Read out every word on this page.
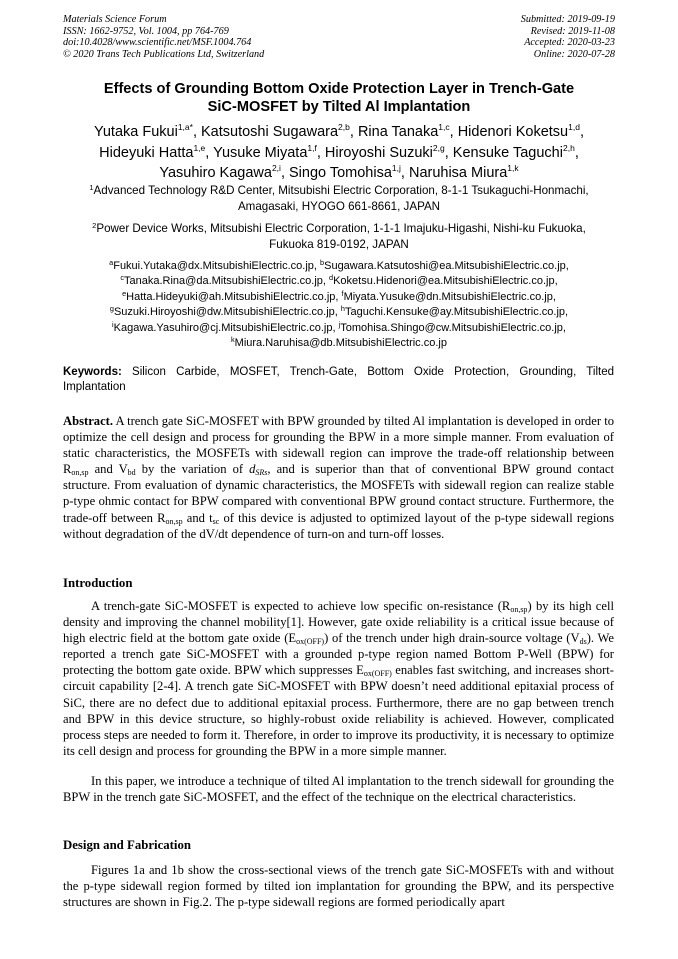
Materials Science Forum
ISSN: 1662-9752, Vol. 1004, pp 764-769
doi:10.4028/www.scientific.net/MSF.1004.764
© 2020 Trans Tech Publications Ltd, Switzerland
Submitted: 2019-09-19
Revised: 2019-11-08
Accepted: 2020-03-23
Online: 2020-07-28
Effects of Grounding Bottom Oxide Protection Layer in Trench-Gate
SiC-MOSFET by Tilted Al Implantation
Yutaka Fukui$^{1,a*}$, Katsutoshi Sugawara$^{2,b}$, Rina Tanaka$^{1,c}$, Hidenori Koketsu$^{1,d}$,
Hideyuki Hatta$^{1,e}$, Yusuke Miyata$^{1,f}$, Hiroyoshi Suzuki$^{2,g}$, Kensuke Taguchi$^{2,h}$,
Yasuhiro Kagawa$^{2,i}$, Singo Tomohisa$^{1,j}$, Naruhisa Miura$^{1,k}$
$^1$Advanced Technology R&D Center, Mitsubishi Electric Corporation, 8-1-1 Tsukaguchi-Honmachi,
Amagasaki, HYOGO 661-8661, JAPAN
$^2$Power Device Works, Mitsubishi Electric Corporation, 1-1-1 Imajuku-Higashi, Nishi-ku Fukuoka,
Fukuoka 819-0192, JAPAN
$^a$Fukui.Yutaka@dx.MitsubishiElectric.co.jp, $^b$Sugawara.Katsutoshi@ea.MitsubishiElectric.co.jp,
$^c$Tanaka.Rina@da.MitsubishiElectric.co.jp, $^d$Koketsu.Hidenori@ea.MitsubishiElectric.co.jp,
$^e$Hatta.Hideyuki@ah.MitsubishiElectric.co.jp, $^f$Miyata.Yusuke@dn.MitsubishiElectric.co.jp,
$^g$Suzuki.Hiroyoshi@dw.MitsubishiElectric.co.jp, $^h$Taguchi.Kensuke@ay.MitsubishiElectric.co.jp,
$^i$Kagawa.Yasuhiro@cj.MitsubishiElectric.co.jp, $^j$Tomohisa.Shingo@cw.MitsubishiElectric.co.jp,
$^k$Miura.Naruhisa@db.MitsubishiElectric.co.jp
Keywords: Silicon Carbide, MOSFET, Trench-Gate, Bottom Oxide Protection, Grounding, Tilted Implantation
Abstract. A trench gate SiC-MOSFET with BPW grounded by tilted Al implantation is developed in order to optimize the cell design and process for grounding the BPW in a more simple manner. From evaluation of static characteristics, the MOSFETs with sidewall region can improve the trade-off relationship between $R_{on,sp}$ and $V_{bd}$ by the variation of $d_{SRs}$, and is superior than that of conventional BPW ground contact structure. From evaluation of dynamic characteristics, the MOSFETs with sidewall region can realize stable p-type ohmic contact for BPW compared with conventional BPW ground contact structure. Furthermore, the trade-off between $R_{on,sp}$ and $t_{sc}$ of this device is adjusted to optimized layout of the p-type sidewall regions without degradation of the dV/dt dependence of turn-on and turn-off losses.
Introduction
A trench-gate SiC-MOSFET is expected to achieve low specific on-resistance $(R_{on,sp})$ by its high cell density and improving the channel mobility[1]. However, gate oxide reliability is a critical issue because of high electric field at the bottom gate oxide $(E_{ox(OFF)})$ of the trench under high drain-source voltage $(V_{ds})$. We reported a trench gate SiC-MOSFET with a grounded p-type region named Bottom P-Well (BPW) for protecting the bottom gate oxide. BPW which suppresses $E_{ox(OFF)}$ enables fast switching, and increases short-circuit capability [2-4]. A trench gate SiC-MOSFET with BPW doesn’t need additional epitaxial process of SiC, there are no defect due to additional epitaxial process. Furthermore, there are no gap between trench and BPW in this device structure, so highly-robust oxide reliability is achieved. However, complicated process steps are needed to form it. Therefore, in order to improve its productivity, it is necessary to optimize its cell design and process for grounding the BPW in a more simple manner.
In this paper, we introduce a technique of tilted Al implantation to the trench sidewall for grounding the BPW in the trench gate SiC-MOSFET, and the effect of the technique on the electrical characteristics.
Design and Fabrication
Figures 1a and 1b show the cross-sectional views of the trench gate SiC-MOSFETs with and without the p-type sidewall region formed by tilted ion implantation for grounding the BPW, and its perspective structures are shown in Fig.2. The p-type sidewall regions are formed periodically apart
